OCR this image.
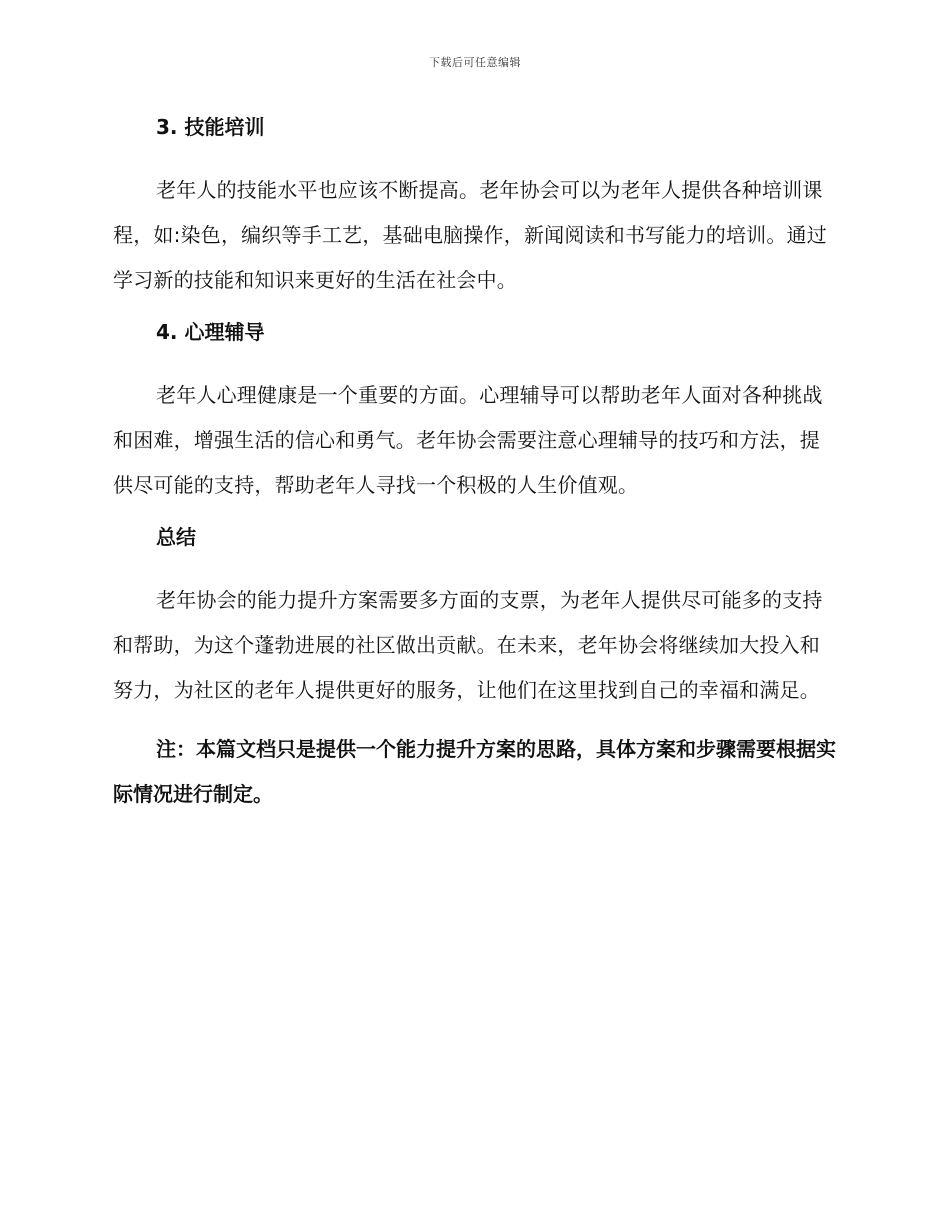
下载后可任意编辑
3. 技能培训

老年人的技能水平也应该不断提高。老年协会可以为老年人提供各种培训课程，如:染色，编织等手工艺，基础电脑操作，新闻阅读和书写能力的培训。通过学习新的技能和知识来更好的生活在社会中。

4. 心理辅导

老年人心理健康是一个重要的方面。心理辅导可以帮助老年人面对各种挑战和困难，增强生活的信心和勇气。老年协会需要注意心理辅导的技巧和方法，提供尽可能的支持，帮助老年人寻找一个积极的人生价值观。

总结

老年协会的能力提升方案需要多方面的支票，为老年人提供尽可能多的支持和帮助，为这个蓬勃进展的社区做出贡献。在未来，老年协会将继续加大投入和努力，为社区的老年人提供更好的服务，让他们在这里找到自己的幸福和满足。

注：本篇文档只是提供一个能力提升方案的思路，具体方案和步骤需要根据实际情况进行制定。
